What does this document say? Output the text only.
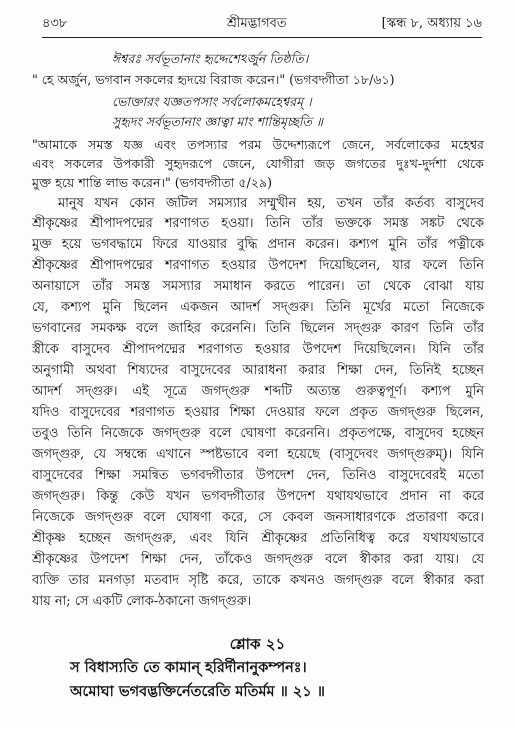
৪৩৮	শ্রীমদ্ভাগবত	[স্কন্ধ ৮, অধ্যায় ১৬
ঈশ্বরঃ সর্বভূতানাং হৃদ্দেশেঽর্জুন তিষ্ঠতি।
" হে অর্জুন, ভগবান সকলের হৃদয়ে বিরাজ করেন।" (ভগবদ্গীতা ১৮/৬১)
ভোক্তারং যজ্ঞতপসাং সর্বলোকমহেশ্বরম্ ।
সুহৃদং সর্বভূতানাং জ্ঞাত্বা মাং শান্তিমৃচ্ছতি ॥
"আমাকে সমস্ত যজ্ঞ এবং তপস্যার পরম উদ্দেশ্যরূপে জেনে, সর্বলোকের মহেশ্বর
এবং সকলের উপকারী সুহৃদরূপে জেনে, যোগীরা জড় জগতের দুঃখ-দুর্দশা থেকে
মুক্ত হয়ে শান্তি লাভ করেন।" (ভগবদ্গীতা ৫/২৯)
মানুষ যখন কোন জটিল সমস্যার সম্মুখীন হয়, তখন তাঁর কর্তব্য বাসুদেব
শ্রীকৃষ্ণের শ্রীপাদপদ্মের শরণাগত হওয়া। তিনি তাঁর ভক্তকে সমস্ত সঙ্কট থেকে
মুক্ত হয়ে ভগবদ্ধামে ফিরে যাওয়ার বুদ্ধি প্রদান করেন। কশ্যপ মুনি তাঁর পত্নীকে
শ্রীকৃষ্ণের শ্রীপাদপদ্মের শরণাগত হওয়ার উপদেশ দিয়েছিলেন, যার ফলে তিনি
অনায়াসে তাঁর সমস্ত সমস্যার সমাধান করতে পারেন। তা থেকে বোঝা যায়
যে, কশ্যপ মুনি ছিলেন একজন আদর্শ সদ্গুরু। তিনি মূর্খের মতো নিজেকে
ভগবানের সমকক্ষ বলে জাহির করেননি। তিনি ছিলেন সদ্গুরু কারণ তিনি তাঁর
স্ত্রীকে বাসুদেব শ্রীপাদপদ্মের শরণাগত হওয়ার উপদেশ দিয়েছিলেন। যিনি তাঁর
অনুগামী অথবা শিষ্যদের বাসুদেবের আরাধনা করার শিক্ষা দেন, তিনিই হচ্ছেন
আদর্শ সদ্গুরু। এই সূত্রে জগদ্গুরু শব্দটি অত্যন্ত গুরুত্বপূর্ণ। কশ্যপ মুনি
যদিও বাসুদেবের শরণাগত হওয়ার শিক্ষা দেওয়ার ফলে প্রকৃত জগদ্গুরু ছিলেন,
তবুও তিনি নিজেকে জগদ্গুরু বলে ঘোষণা করেননি। প্রকৃতপক্ষে, বাসুদেব হচ্ছেন
জগদ্গুরু, যে সম্বন্ধে এখানে স্পষ্টভাবে বলা হয়েছে (বাসুদেবং জগদ্গুরুম্)। যিনি
বাসুদেবের শিক্ষা সমন্বিত ভগবদ্গীতার উপদেশ দেন, তিনিও বাসুদেবেরই মতো
জগদ্গুরু। কিন্তু কেউ যখন ভগবদ্গীতার উপদেশ যথাযথভাবে প্রদান না করে
নিজেকে জগদ্গুরু বলে ঘোষণা করে, সে কেবল জনসাধারণকে প্রতারণা করে।
শ্রীকৃষ্ণ হচ্ছেন জগদ্গুরু, এবং যিনি শ্রীকৃষ্ণের প্রতিনিধিত্ব করে যথাযথভাবে
শ্রীকৃষ্ণের উপদেশ শিক্ষা দেন, তাঁকেও জগদ্গুরু বলে স্বীকার করা যায়। যে
ব্যক্তি তার মনগড়া মতবাদ সৃষ্টি করে, তাকে কখনও জগদ্গুরু বলে স্বীকার করা
যায় না; সে একটি লোক-ঠকানো জগদ্গুরু।
শ্লোক ২১
স বিধাস্যতি তে কামান্ হরির্দীনানুকম্পনঃ।
অমোঘা ভগবদ্ভক্তির্নেতরেতি মতির্মম ॥ ২১ ॥
